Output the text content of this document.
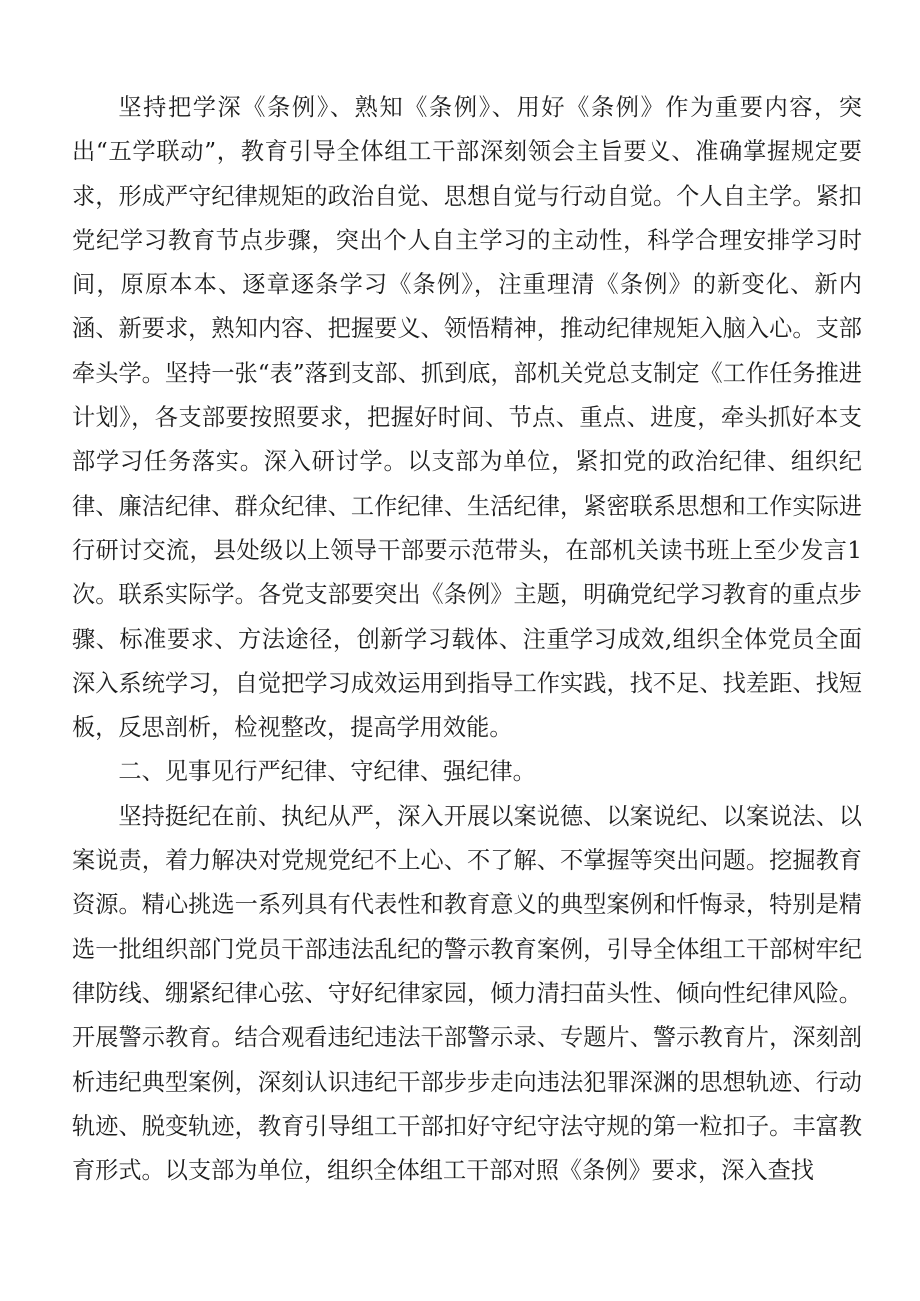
坚持把学深《条例》、熟知《条例》、用好《条例》作为重要内容，突出“五学联动”，教育引导全体组工干部深刻领会主旨要义、准确掌握规定要求，形成严守纪律规矩的政治自觉、思想自觉与行动自觉。个人自主学。紧扣党纪学习教育节点步骤，突出个人自主学习的主动性，科学合理安排学习时间，原原本本、逐章逐条学习《条例》，注重理清《条例》的新变化、新内涵、新要求，熟知内容、把握要义、领悟精神，推动纪律规矩入脑入心。支部牵头学。坚持一张“表”落到支部、抓到底，部机关党总支制定《工作任务推进计划》，各支部要按照要求，把握好时间、节点、重点、进度，牵头抓好本支部学习任务落实。深入研讨学。以支部为单位，紧扣党的政治纪律、组织纪律、廉洁纪律、群众纪律、工作纪律、生活纪律，紧密联系思想和工作实际进行研讨交流，县处级以上领导干部要示范带头，在部机关读书班上至少发言1次。联系实际学。各党支部要突出《条例》主题，明确党纪学习教育的重点步骤、标准要求、方法途径，创新学习载体、注重学习成效,组织全体党员全面深入系统学习，自觉把学习成效运用到指导工作实践，找不足、找差距、找短板，反思剖析，检视整改，提高学用效能。

二、见事见行严纪律、守纪律、强纪律。

坚持挺纪在前、执纪从严，深入开展以案说德、以案说纪、以案说法、以案说责，着力解决对党规党纪不上心、不了解、不掌握等突出问题。挖掘教育资源。精心挑选一系列具有代表性和教育意义的典型案例和忏悔录，特别是精选一批组织部门党员干部违法乱纪的警示教育案例，引导全体组工干部树牢纪律防线、绷紧纪律心弦、守好纪律家园，倾力清扫苗头性、倾向性纪律风险。开展警示教育。结合观看违纪违法干部警示录、专题片、警示教育片，深刻剖析违纪典型案例，深刻认识违纪干部步步走向违法犯罪深渊的思想轨迹、行动轨迹、脱变轨迹，教育引导组工干部扣好守纪守法守规的第一粒扣子。丰富教育形式。以支部为单位，组织全体组工干部对照《条例》要求，深入查找
